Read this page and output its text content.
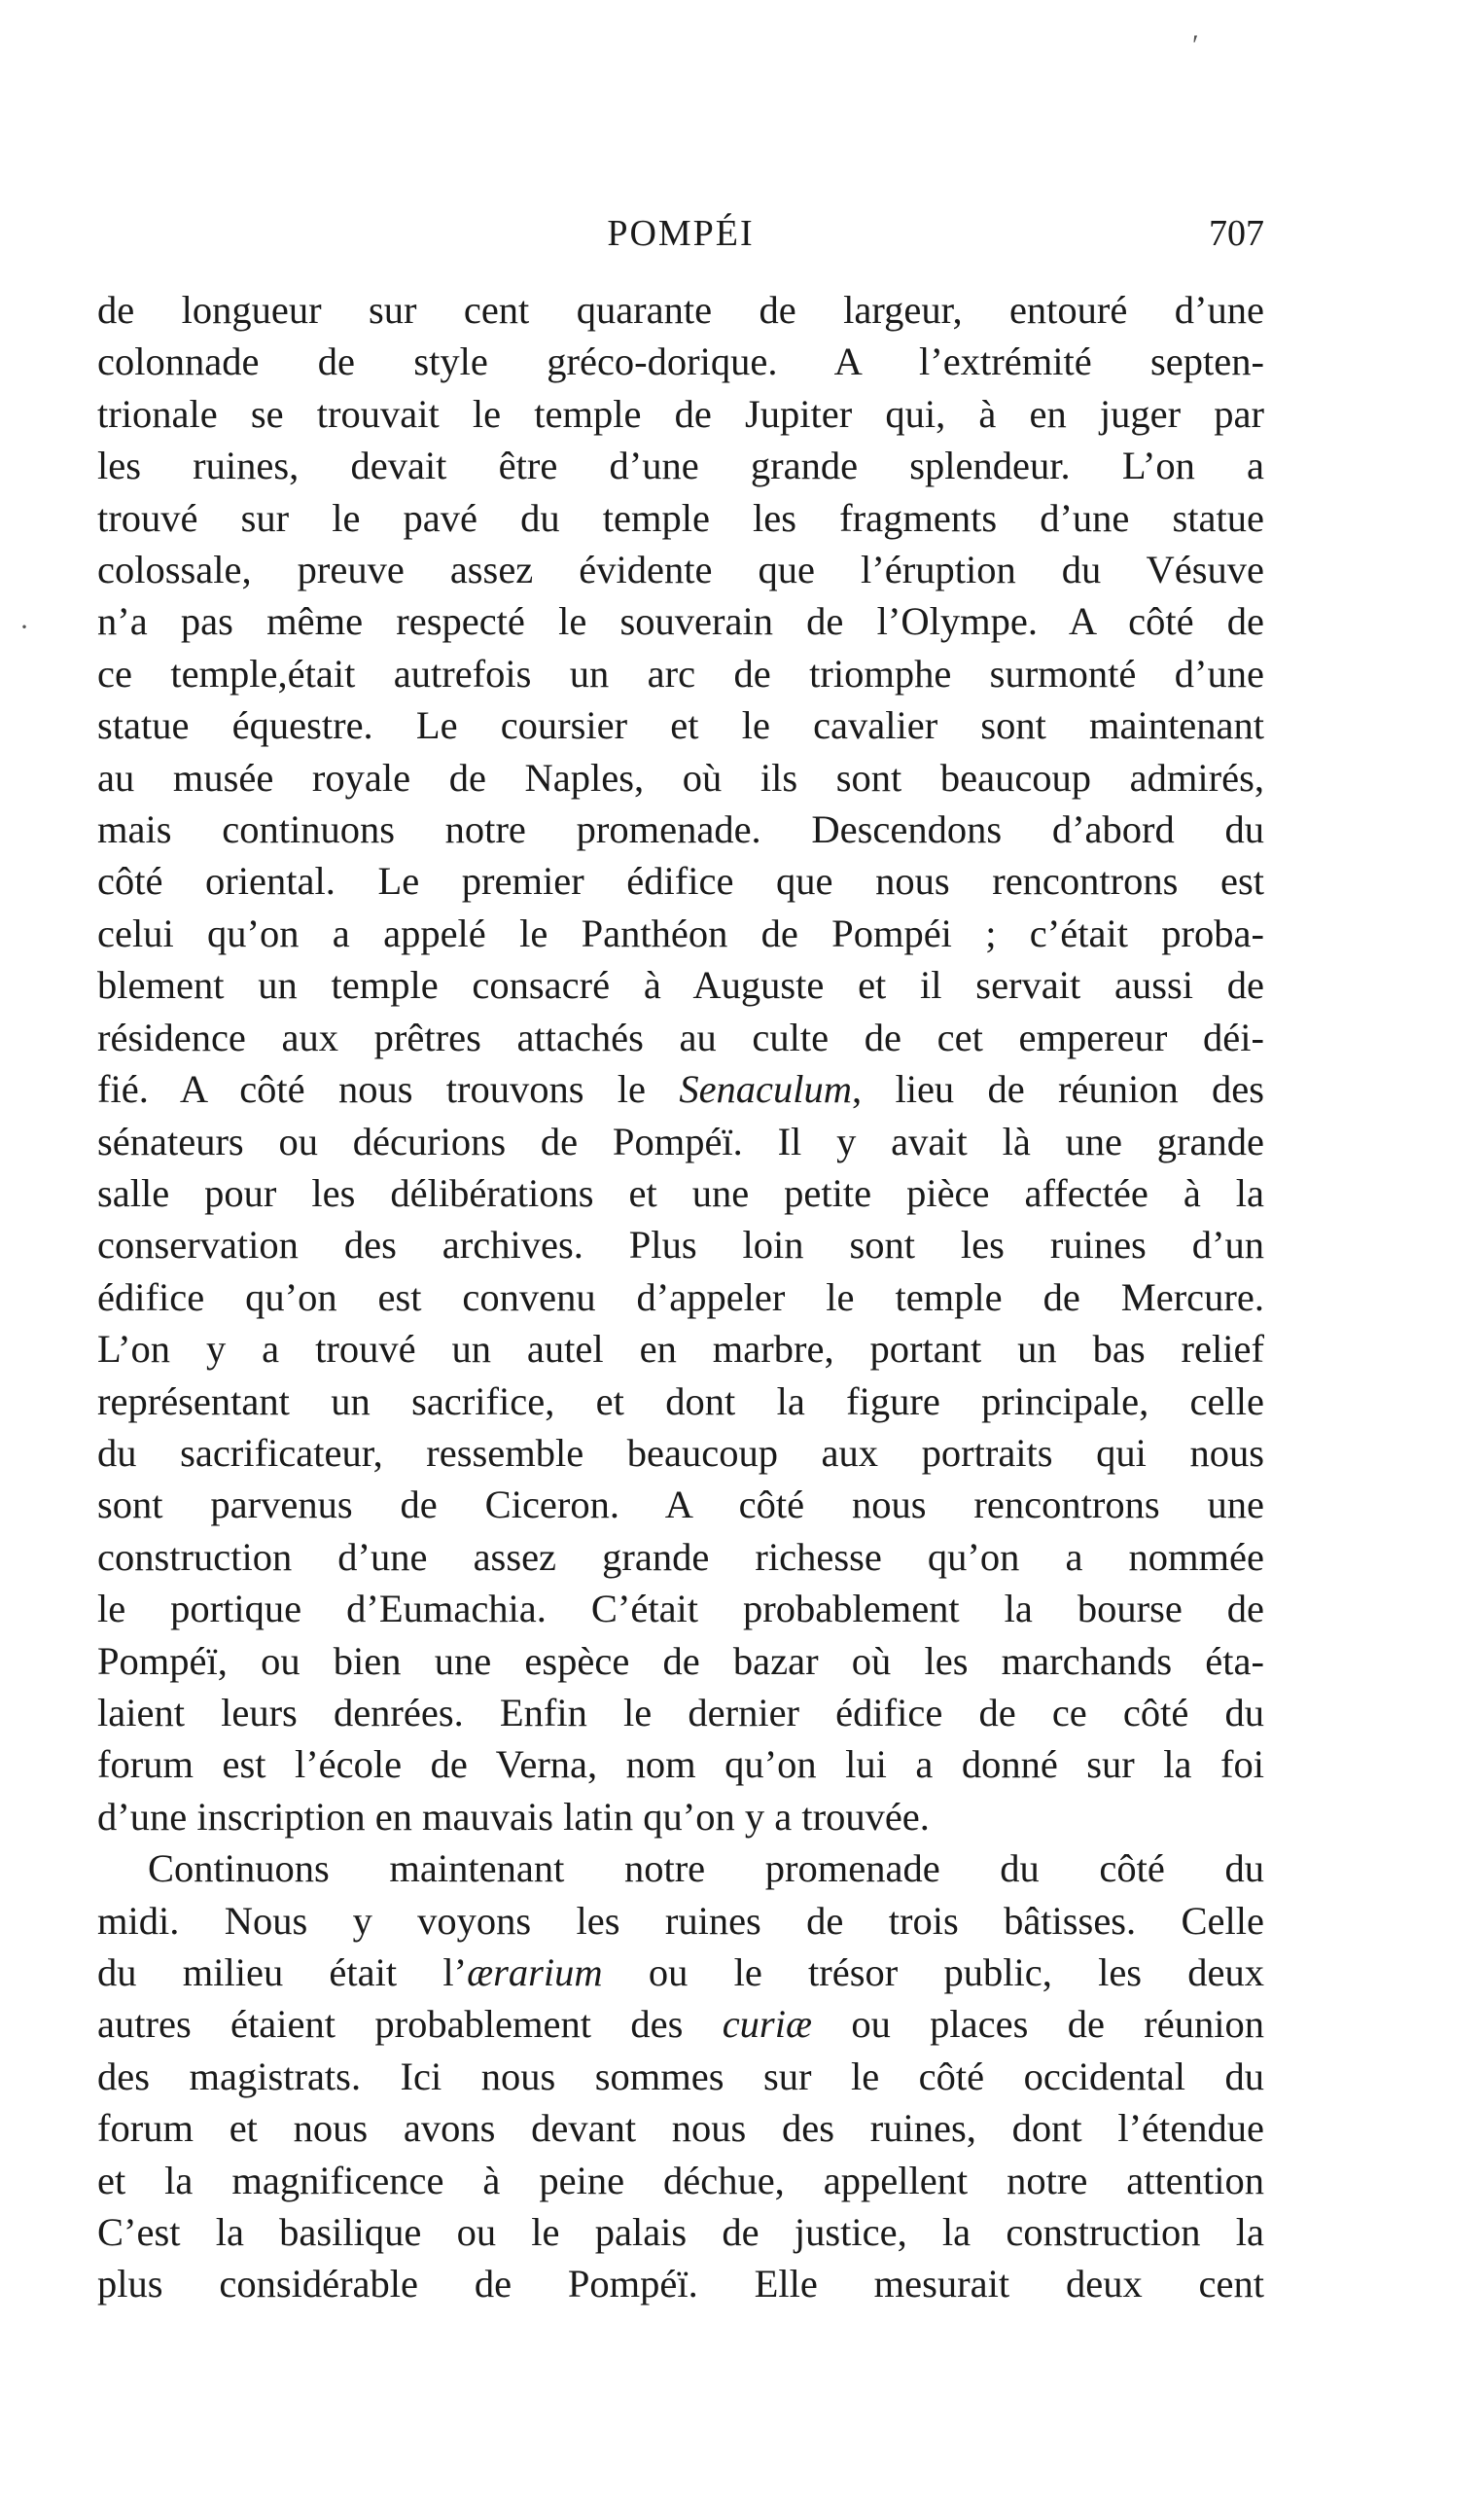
POMPÉI	707
‏′
·
de longueur sur cent quarante de largeur, entouré d’une
colonnade de style gréco-dorique. A l’extrémité septen-
trionale se trouvait le temple de Jupiter qui, à en juger par
les ruines, devait être d’une grande splendeur. L’on a
trouvé sur le pavé du temple les fragments d’une statue
colossale, preuve assez évidente que l’éruption du Vésuve
n’a pas même respecté le souverain de l’Olympe. A côté de
ce temple,était autrefois un arc de triomphe surmonté d’une
statue équestre. Le coursier et le cavalier sont maintenant
au musée royale de Naples, où ils sont beaucoup admirés,
mais continuons notre promenade. Descendons d’abord du
côté oriental. Le premier édifice que nous rencontrons est
celui qu’on a appelé le Panthéon de Pompéi ; c’était proba-
blement un temple consacré à Auguste et il servait aussi de
résidence aux prêtres attachés au culte de cet empereur déi-
fié. A côté nous trouvons le Senaculum, lieu de réunion des
sénateurs ou décurions de Pompéï. Il y avait là une grande
salle pour les délibérations et une petite pièce affectée à la
conservation des archives. Plus loin sont les ruines d’un
édifice qu’on est convenu d’appeler le temple de Mercure.
L’on y a trouvé un autel en marbre, portant un bas relief
représentant un sacrifice, et dont la figure principale, celle
du sacrificateur, ressemble beaucoup aux portraits qui nous
sont parvenus de Ciceron. A côté nous rencontrons une
construction d’une assez grande richesse qu’on a nommée
le portique d’Eumachia. C’était probablement la bourse de
Pompéï, ou bien une espèce de bazar où les marchands éta-
laient leurs denrées. Enfin le dernier édifice de ce côté du
forum est l’école de Verna, nom qu’on lui a donné sur la foi
d’une inscription en mauvais latin qu’on y a trouvée.
Continuons maintenant notre promenade du côté du
midi. Nous y voyons les ruines de trois bâtisses. Celle
du milieu était l’ærarium ou le trésor public, les deux
autres étaient probablement des curiæ ou places de réunion
des magistrats. Ici nous sommes sur le côté occidental du
forum et nous avons devant nous des ruines, dont l’étendue
et la magnificence à peine déchue, appellent notre attention
C’est la basilique ou le palais de justice, la construction la
plus considérable de Pompéï. Elle mesurait deux cent
